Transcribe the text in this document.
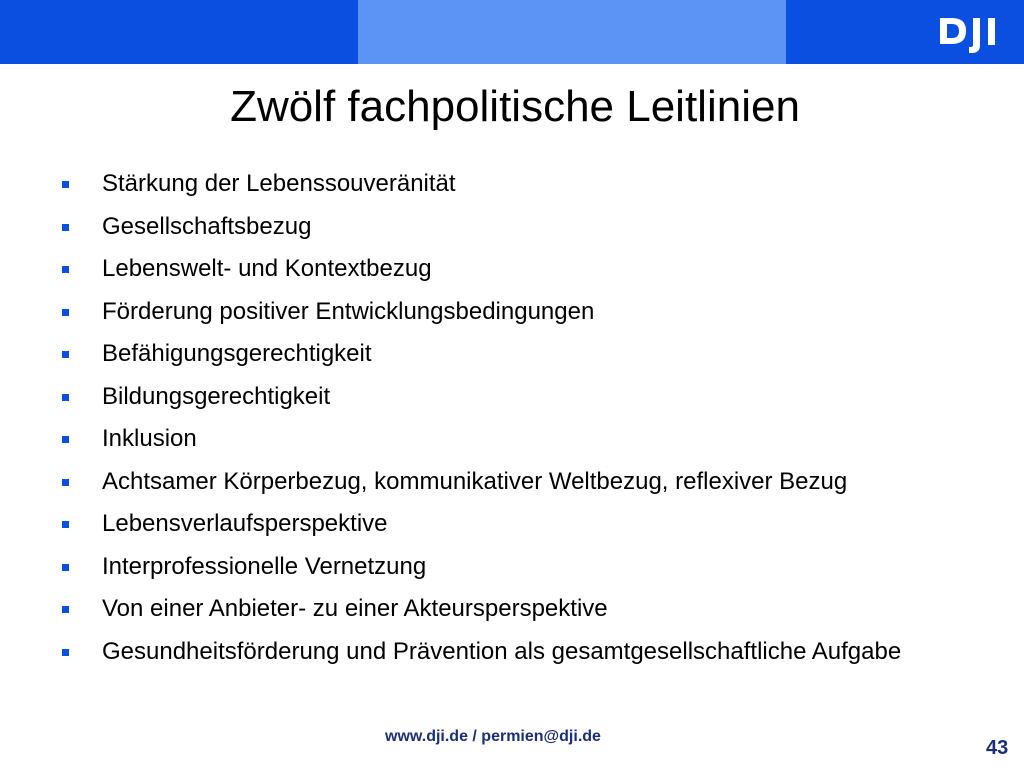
Zwölf fachpolitische Leitlinien
Stärkung der Lebenssouveränität
Gesellschaftsbezug
Lebenswelt- und Kontextbezug
Förderung positiver Entwicklungsbedingungen
Befähigungsgerechtigkeit
Bildungsgerechtigkeit
Inklusion
Achtsamer Körperbezug, kommunikativer Weltbezug, reflexiver Bezug
Lebensverlaufsperspektive
Interprofessionelle Vernetzung
Von einer Anbieter- zu einer Akteursperspektive
Gesundheitsförderung und Prävention als gesamtgesellschaftliche Aufgabe
www.dji.de / permien@dji.de
43
